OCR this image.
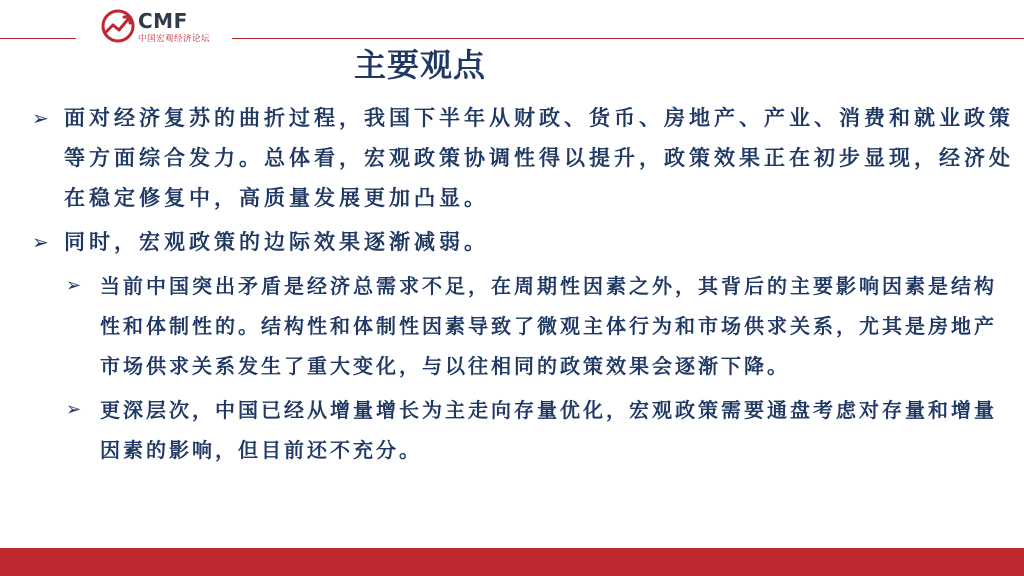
CMF
中国宏观经济论坛
主要观点
➢ 面对经济复苏的曲折过程，我国下半年从财政、货币、房地产、产业、消费和就业政策等方面综合发力。总体看，宏观政策协调性得以提升，政策效果正在初步显现，经济处在稳定修复中，高质量发展更加凸显。
➢ 同时，宏观政策的边际效果逐渐减弱。
➢ 当前中国突出矛盾是经济总需求不足，在周期性因素之外，其背后的主要影响因素是结构性和体制性的。结构性和体制性因素导致了微观主体行为和市场供求关系，尤其是房地产市场供求关系发生了重大变化，与以往相同的政策效果会逐渐下降。
➢ 更深层次，中国已经从增量增长为主走向存量优化，宏观政策需要通盘考虑对存量和增量因素的影响，但目前还不充分。
